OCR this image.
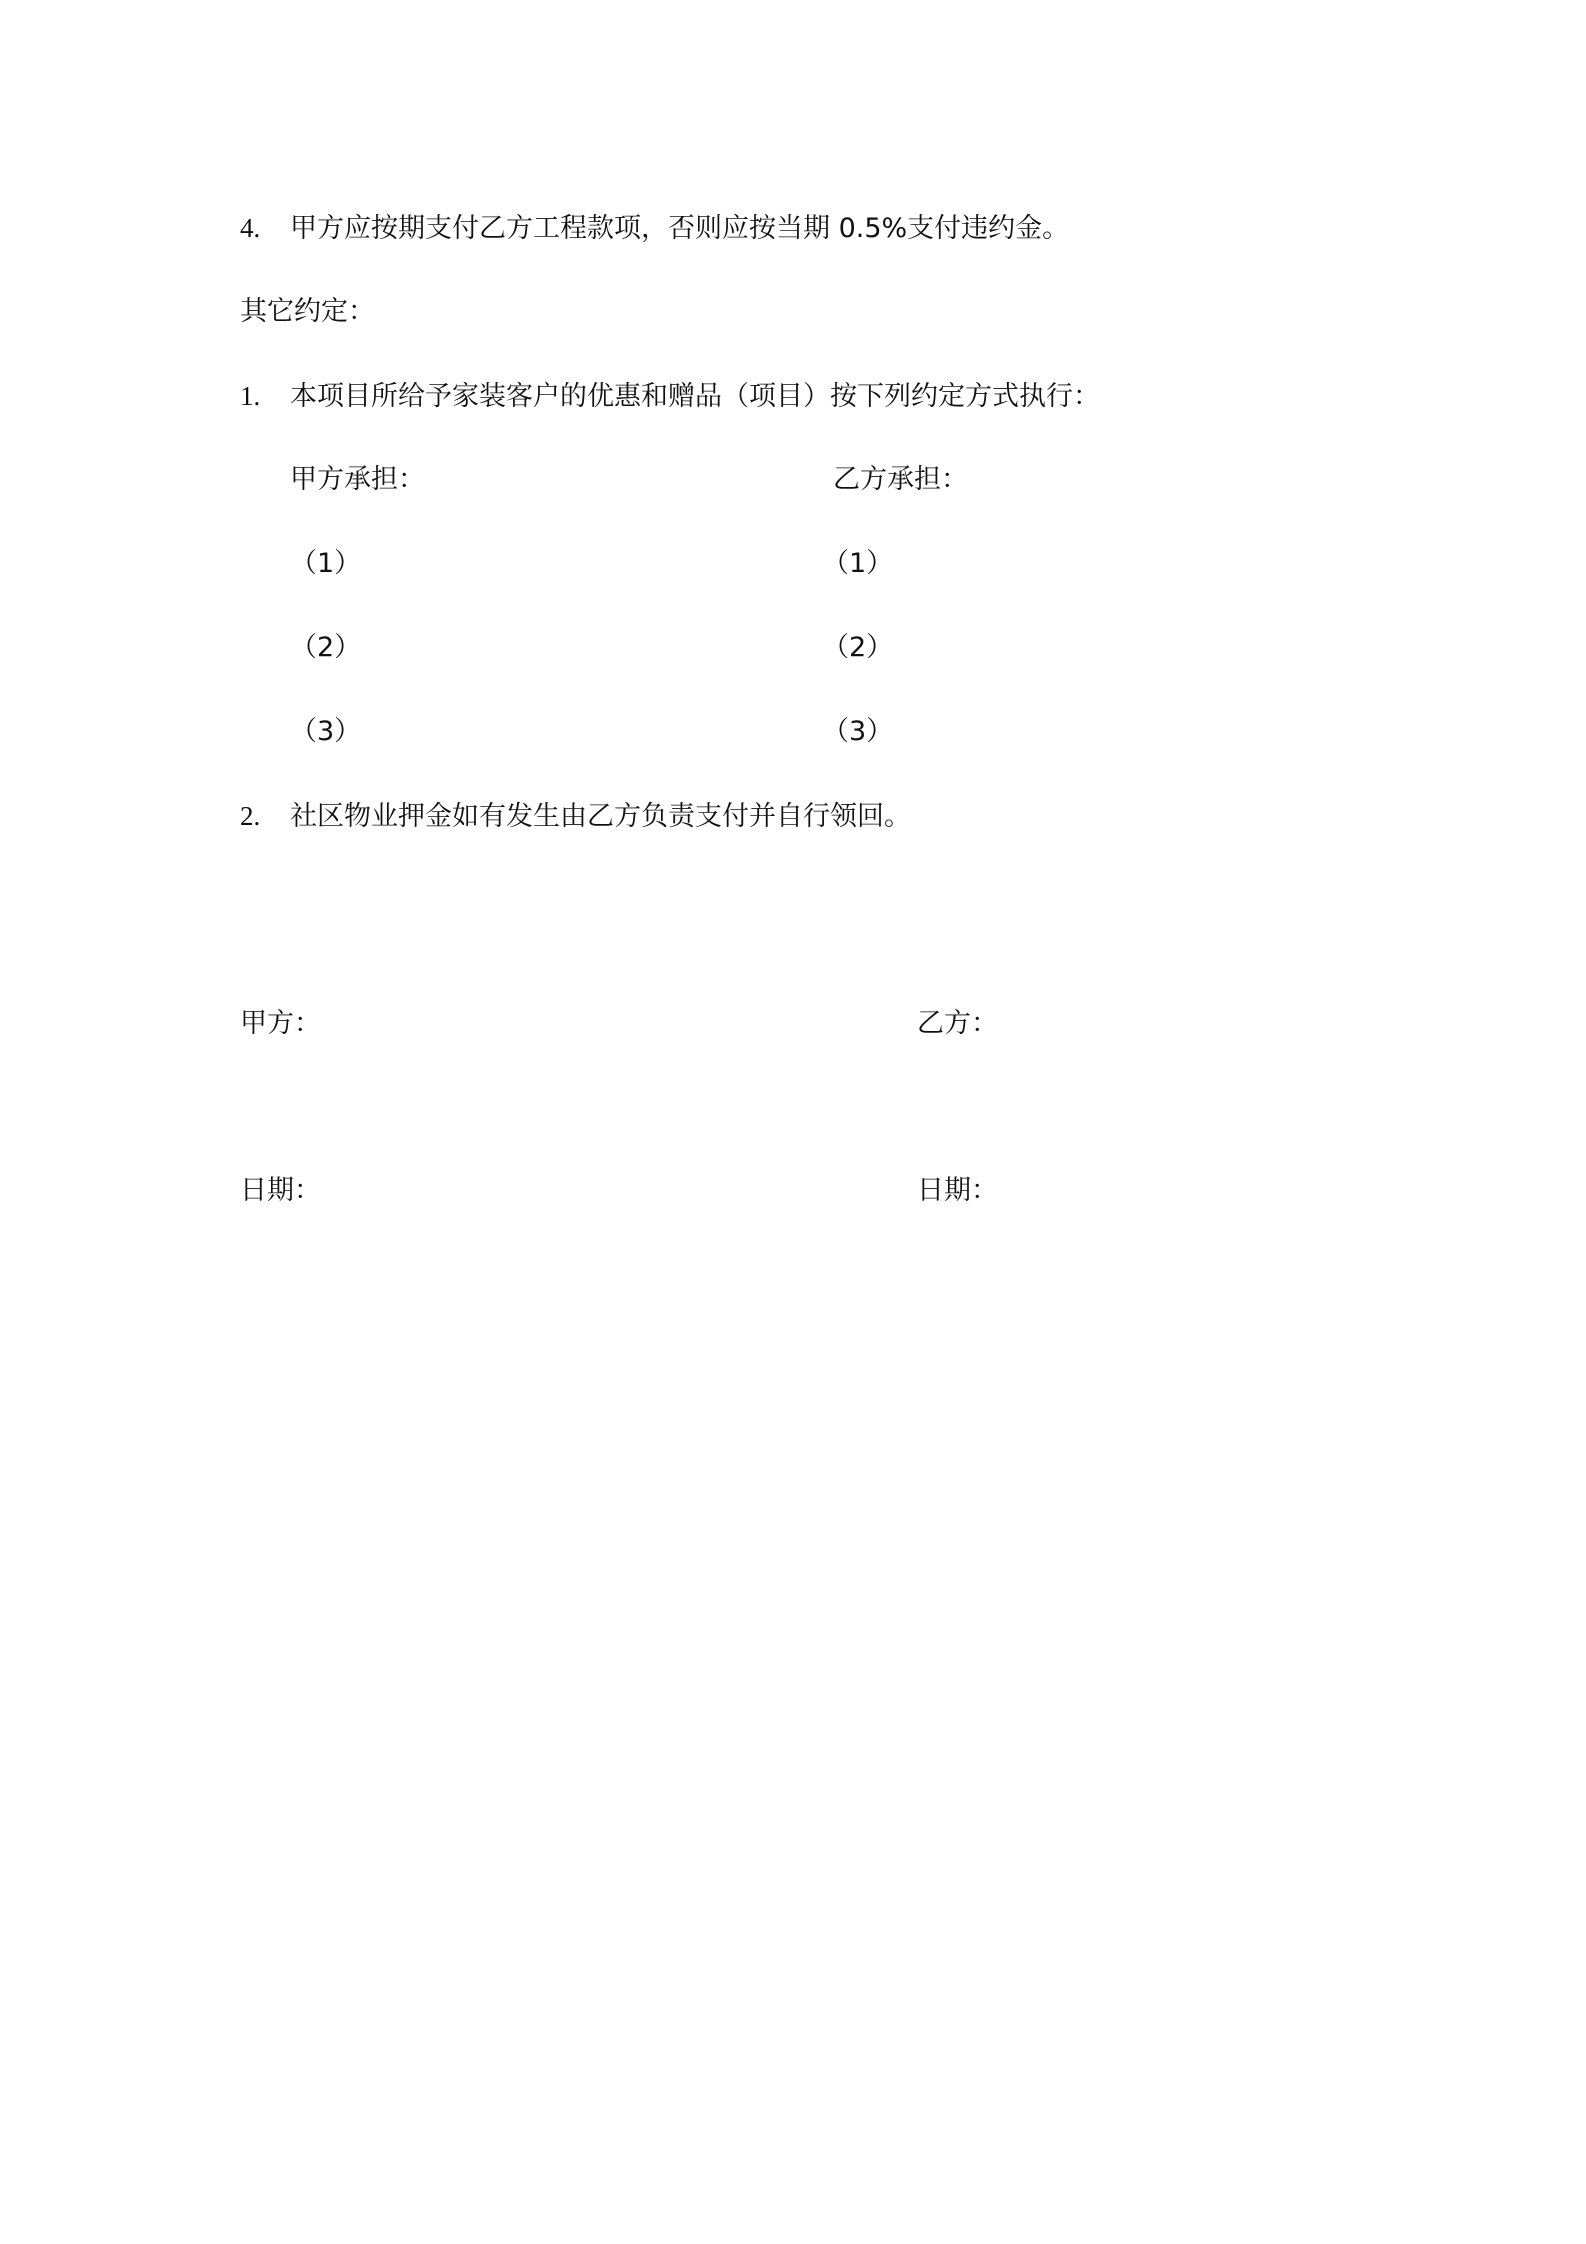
4. 甲方应按期支付乙方工程款项，否则应按当期 0.5%支付违约金。
其它约定：
1. 本项目所给予家装客户的优惠和赠品（项目）按下列约定方式执行：
甲方承担：	乙方承担：
（1）	（1）
（2）	（2）
（3）	（3）
2. 社区物业押金如有发生由乙方负责支付并自行领回。
甲方：	乙方：
日期：	日期：
